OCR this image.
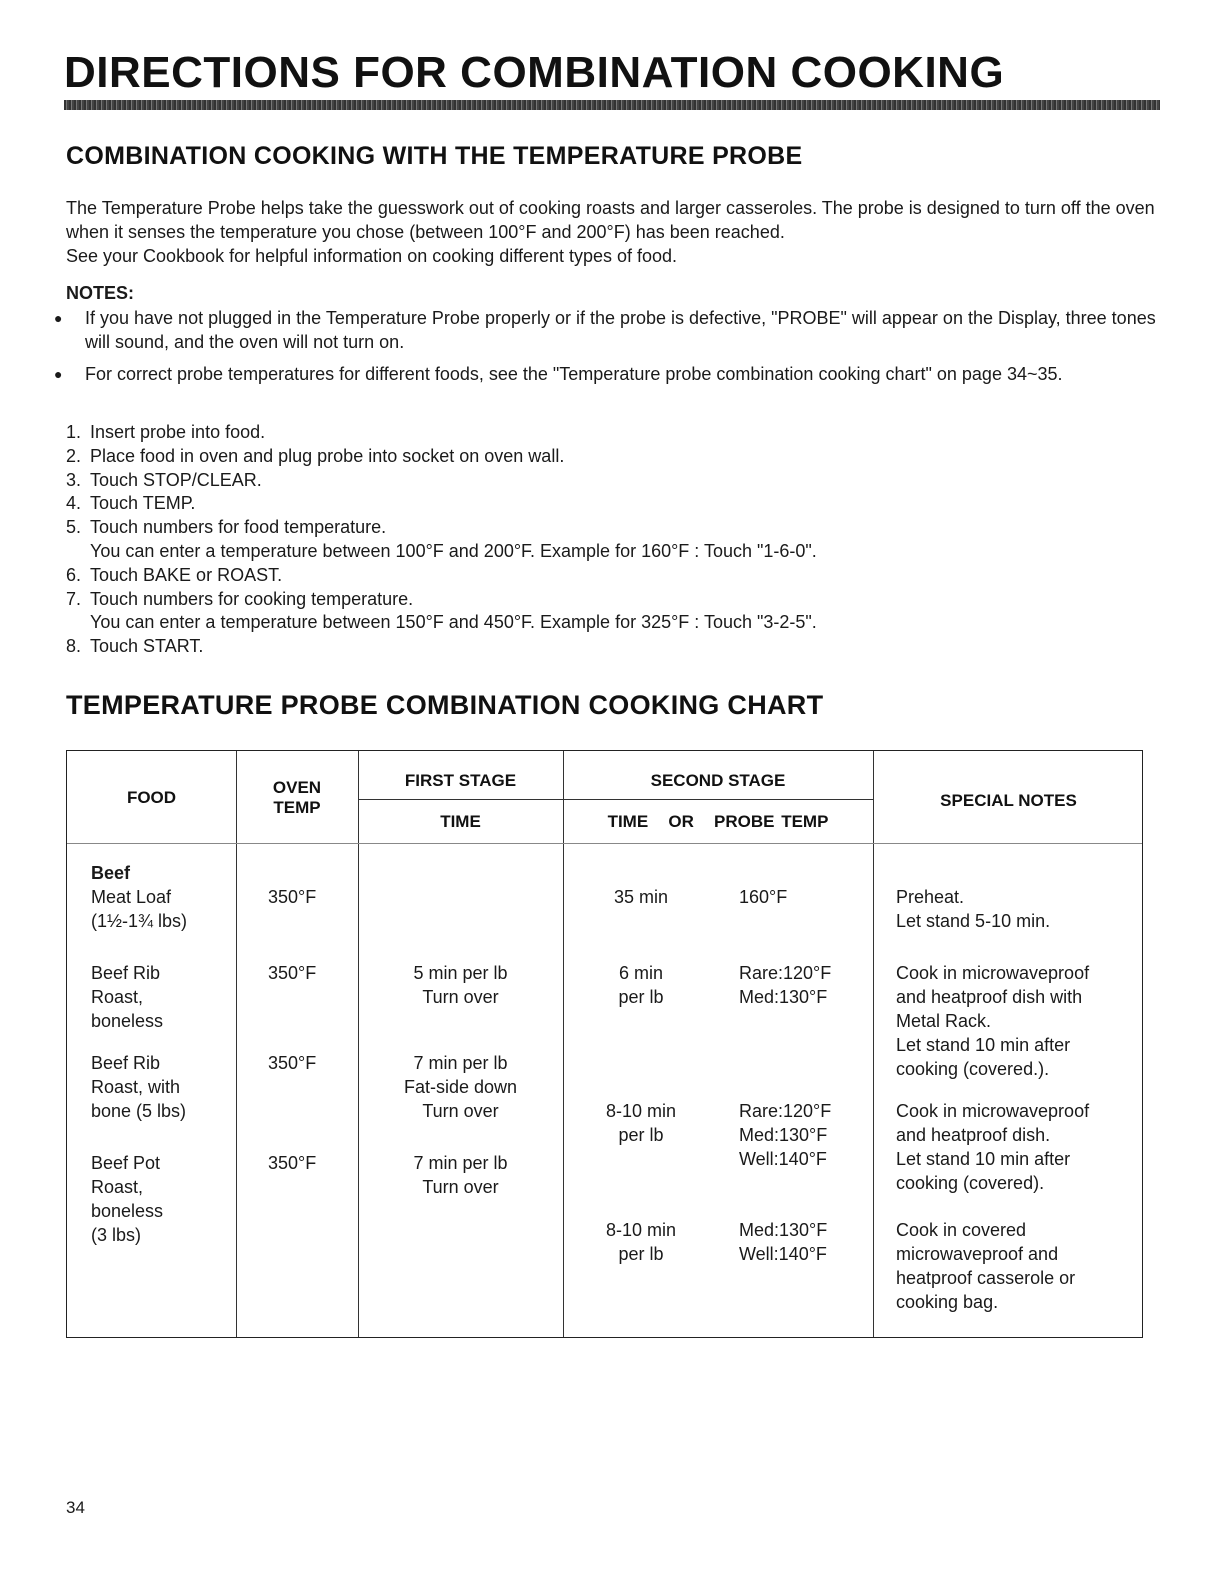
DIRECTIONS FOR COMBINATION COOKING
COMBINATION COOKING WITH THE TEMPERATURE PROBE

The Temperature Probe helps take the guesswork out of cooking roasts and larger casseroles. The probe is designed to turn off the oven when it senses the temperature you chose (between 100°F and 200°F) has been reached.

See your Cookbook for helpful information on cooking different types of food.

NOTES:
● If you have not plugged in the Temperature Probe properly or if the probe is defective, "PROBE" will appear on the Display, three tones will sound, and the oven will not turn on.
● For correct probe temperatures for different foods, see the "Temperature probe combination cooking chart" on page 34~35.
1. Insert probe into food.
2. Place food in oven and plug probe into socket on oven wall.
3. Touch STOP/CLEAR.
4. Touch TEMP.
5. Touch numbers for food temperature.
You can enter a temperature between 100°F and 200°F. Example for 160°F : Touch "1-6-0".
6. Touch BAKE or ROAST.
7. Touch numbers for cooking temperature.
You can enter a temperature between 150°F and 450°F. Example for 325°F : Touch "3-2-5".
8. Touch START.
TEMPERATURE PROBE COMBINATION COOKING CHART
FOOD
OVEN
TEMP
FIRST STAGE
TIME
SECOND STAGE
TIME OR PROBE TEMP
SPECIAL NOTES
Beef
Meat Loaf
(1½-1¾ lbs)
Beef Rib
Roast,
boneless
Beef Rib
Roast, with
bone (5 lbs)
Beef Pot
Roast,
boneless
(3 lbs)
350°F
350°F
350°F
350°F
5 min per lb
Turn over
7 min per lb
Fat-side down
Turn over
7 min per lb
Turn over
35 min
6 min
per lb
8-10 min
per lb
8-10 min
per lb
160°F
Rare:120°F
Med:130°F
Rare:120°F
Med:130°F
Well:140°F
Med:130°F
Well:140°F
Preheat.
Let stand 5-10 min.
Cook in microwaveproof
and heatproof dish with
Metal Rack.
Let stand 10 min after
cooking (covered.).
Cook in microwaveproof
and heatproof dish.
Let stand 10 min after
cooking (covered).
Cook in covered
microwaveproof and
heatproof casserole or
cooking bag.
34
